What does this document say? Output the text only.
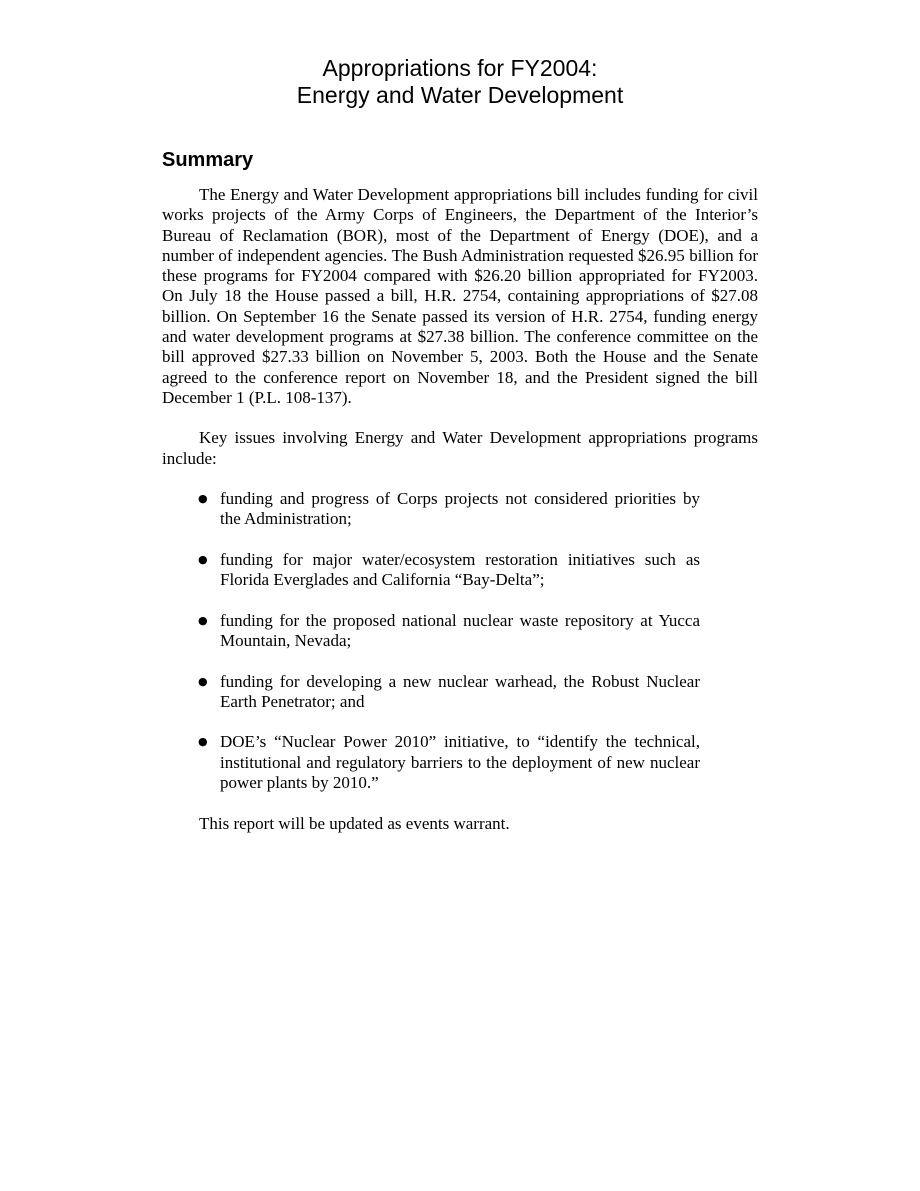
Appropriations for FY2004:
Energy and Water Development
Summary

The Energy and Water Development appropriations bill includes funding for civil works projects of the Army Corps of Engineers, the Department of the Interior’s Bureau of Reclamation (BOR), most of the Department of Energy (DOE), and a number of independent agencies. The Bush Administration requested $26.95 billion for these programs for FY2004 compared with $26.20 billion appropriated for FY2003. On July 18 the House passed a bill, H.R. 2754, containing appropriations of $27.08 billion. On September 16 the Senate passed its version of H.R. 2754, funding energy and water development programs at $27.38 billion. The conference committee on the bill approved $27.33 billion on November 5, 2003. Both the House and the Senate agreed to the conference report on November 18, and the President signed the bill December 1 (P.L. 108-137).

Key issues involving Energy and Water Development appropriations programs include:

● funding and progress of Corps projects not considered priorities by the Administration;
● funding for major water/ecosystem restoration initiatives such as Florida Everglades and California “Bay-Delta”;
● funding for the proposed national nuclear waste repository at Yucca Mountain, Nevada;
● funding for developing a new nuclear warhead, the Robust Nuclear Earth Penetrator; and
● DOE’s “Nuclear Power 2010” initiative, to “identify the technical, institutional and regulatory barriers to the deployment of new nuclear power plants by 2010.”

This report will be updated as events warrant.
